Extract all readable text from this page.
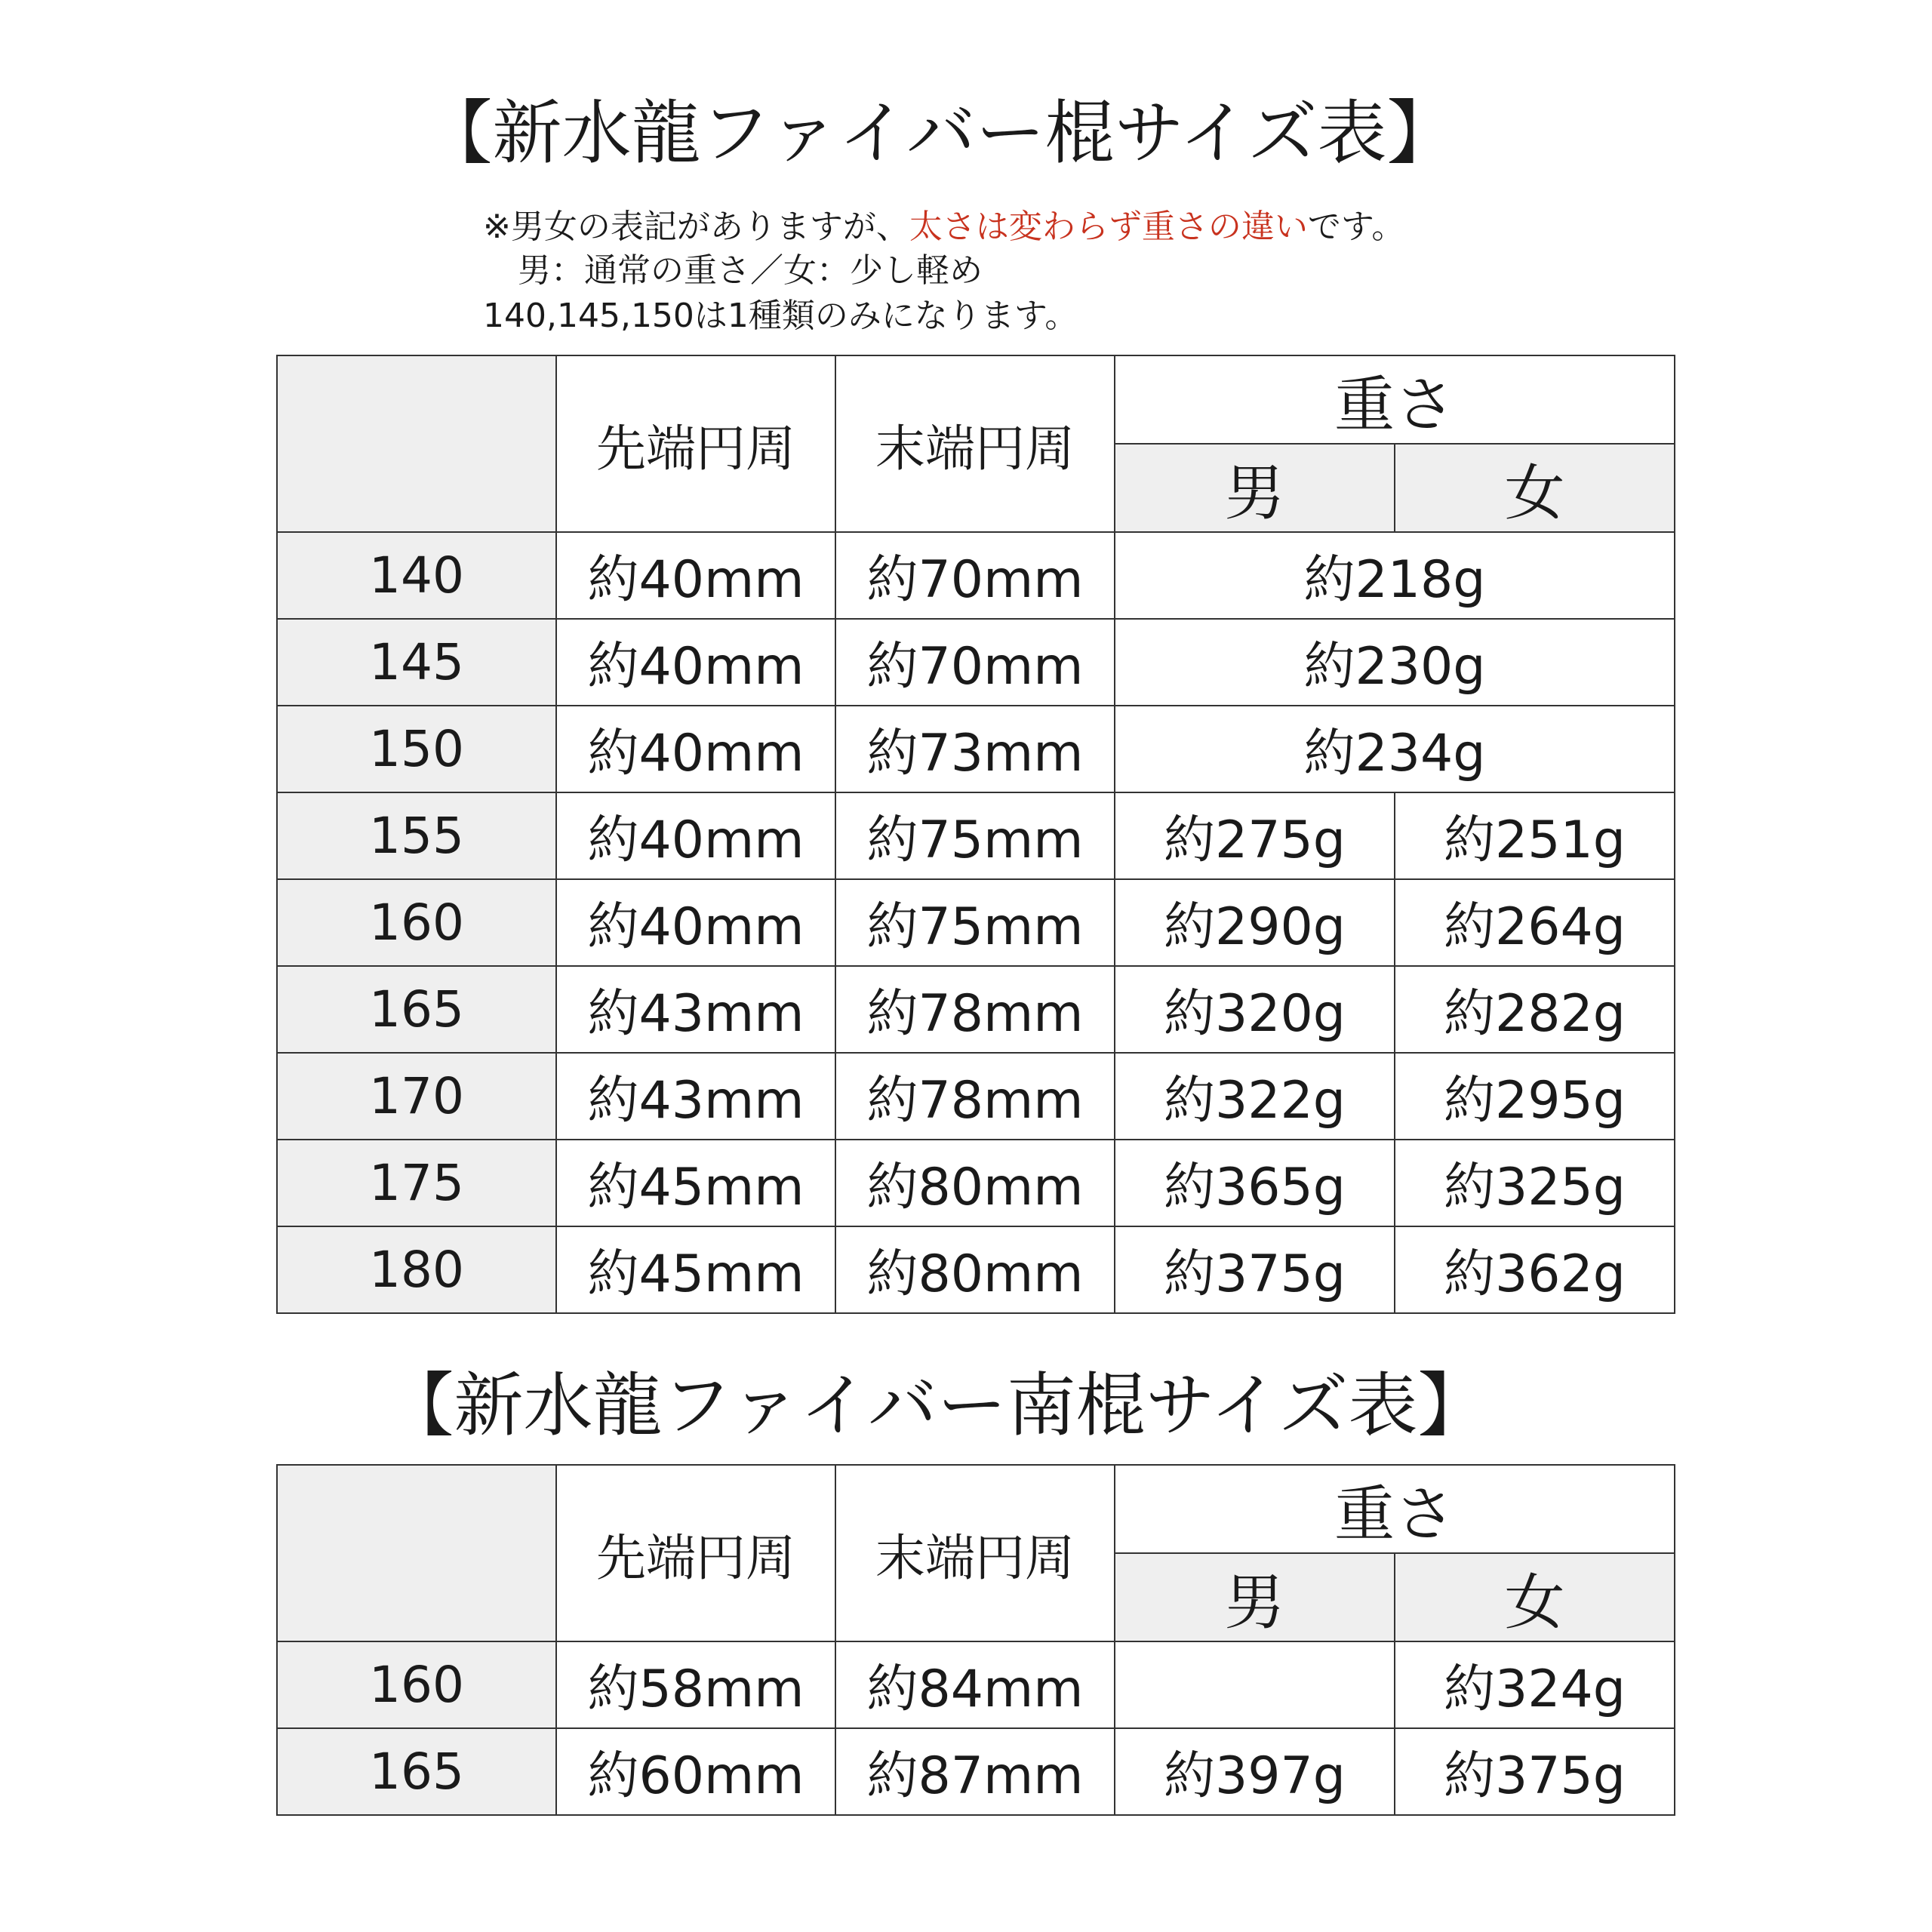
【新水龍ファイバー棍サイズ表】
※男女の表記がありますが、太さは変わらず重さの違いです。
男：通常の重さ／女：少し軽め
140,145,150は1種類のみになります。
	先端円周	末端円周	重さ	
			男	女
140	約40mm	約70mm	約218g	
145	約40mm	約70mm	約230g	
150	約40mm	約73mm	約234g	
155	約40mm	約75mm	約275g	約251g
160	約40mm	約75mm	約290g	約264g
165	約43mm	約78mm	約320g	約282g
170	約43mm	約78mm	約322g	約295g
175	約45mm	約80mm	約365g	約325g
180	約45mm	約80mm	約375g	約362g
【新水龍ファイバー南棍サイズ表】
	先端円周	末端円周	重さ	
			男	女
160	約58mm	約84mm		約324g
165	約60mm	約87mm	約397g	約375g
